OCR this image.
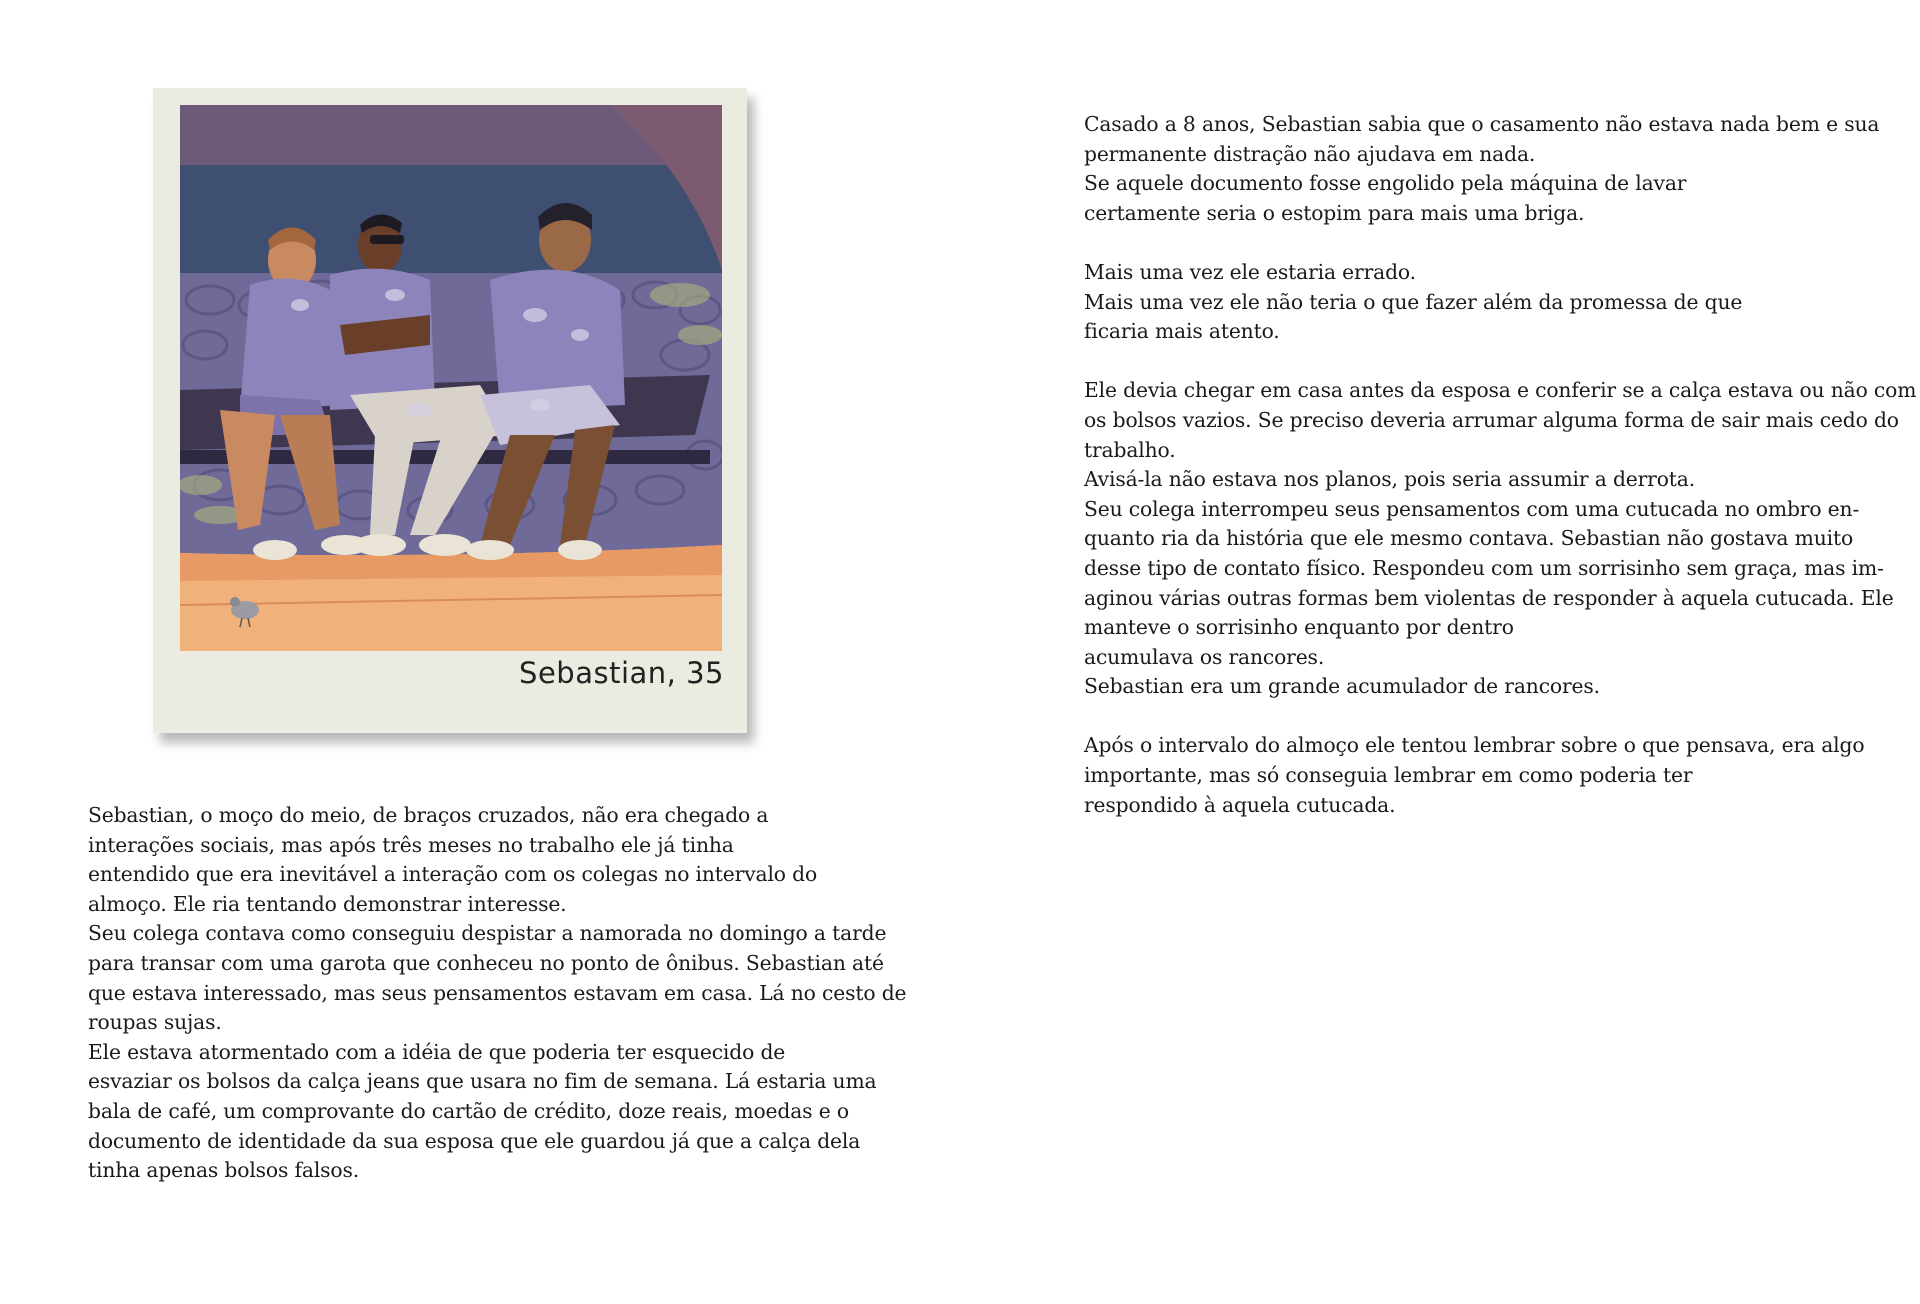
Sebastian, 35

Sebastian, o moço do meio, de braços cruzados, não era chegado a

interações sociais, mas após três meses no trabalho ele já tinha

entendido que era inevitável a interação com os colegas no intervalo do

almoço. Ele ria tentando demonstrar interesse.

Seu colega contava como conseguiu despistar a namorada no domingo a tarde

para transar com uma garota que conheceu no ponto de ônibus. Sebastian até

que estava interessado, mas seus pensamentos estavam em casa. Lá no cesto de

roupas sujas.

Ele estava atormentado com a idéia de que poderia ter esquecido de

esvaziar os bolsos da calça jeans que usara no fim de semana. Lá estaria uma

bala de café, um comprovante do cartão de crédito, doze reais, moedas e o

documento de identidade da sua esposa que ele guardou já que a calça dela

tinha apenas bolsos falsos.

Casado a 8 anos, Sebastian sabia que o casamento não estava nada bem e sua

permanente distração não ajudava em nada.

Se aquele documento fosse engolido pela máquina de lavar

certamente seria o estopim para mais uma briga.

Mais uma vez ele estaria errado.

Mais uma vez ele não teria o que fazer além da promessa de que

ficaria mais atento.

Ele devia chegar em casa antes da esposa e conferir se a calça estava ou não com

os bolsos vazios. Se preciso deveria arrumar alguma forma de sair mais cedo do

trabalho.

Avisá-la não estava nos planos, pois seria assumir a derrota.

Seu colega interrompeu seus pensamentos com uma cutucada no ombro en-

quanto ria da história que ele mesmo contava. Sebastian não gostava muito

desse tipo de contato físico. Respondeu com um sorrisinho sem graça, mas im-

aginou várias outras formas bem violentas de responder à aquela cutucada. Ele

manteve o sorrisinho enquanto por dentro

acumulava os rancores.

Sebastian era um grande acumulador de rancores.

Após o intervalo do almoço ele tentou lembrar sobre o que pensava, era algo

importante, mas só conseguia lembrar em como poderia ter

respondido à aquela cutucada.
